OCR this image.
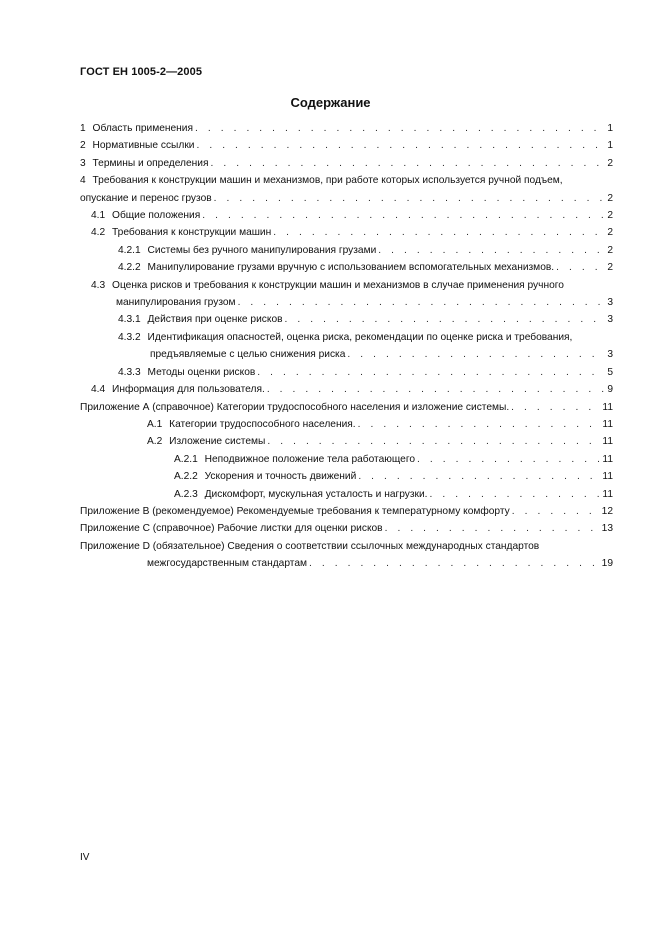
ГОСТ ЕН 1005-2—2005
Содержание
1 Область применения . . .	1
2 Нормативные ссылки . . .	1
3 Термины и определения . . .	2
4 Требования к конструкции машин и механизмов, при работе которых используется ручной подъем,
опускание и перенос грузов . . .	2
4.1 Общие положения . . .	2
4.2 Требования к конструкции машин . . .	2
4.2.1 Системы без ручного манипулирования грузами . . .	2
4.2.2 Манипулирование грузами вручную с использованием вспомогательных механизмов. . . .	2
4.3 Оценка рисков и требования к конструкции машин и механизмов в случае применения ручного
манипулирования грузом . . .	3
4.3.1 Действия при оценке рисков . . .	3
4.3.2 Идентификация опасностей, оценка риска, рекомендации по оценке риска и требования,
предъявляемые с целью снижения риска . . .	3
4.3.3 Методы оценки рисков . . .	5
4.4 Информация для пользователя. . . .	9
Приложение А (справочное) Категории трудоспособного населения и изложение системы. . . .	11
А.1 Категории трудоспособного населения. . . .	11
А.2 Изложение системы . . .	11
А.2.1 Неподвижное положение тела работающего . . .	11
А.2.2 Ускорения и точность движений . . .	11
А.2.3 Дискомфорт, мускульная усталость и нагрузки. . . .	11
Приложение В (рекомендуемое) Рекомендуемые требования к температурному комфорту . . .	12
Приложение С (справочное) Рабочие листки для оценки рисков . . .	13
Приложение D (обязательное) Сведения о соответствии ссылочных международных стандартов
межгосударственным стандартам . . .	19
IV
